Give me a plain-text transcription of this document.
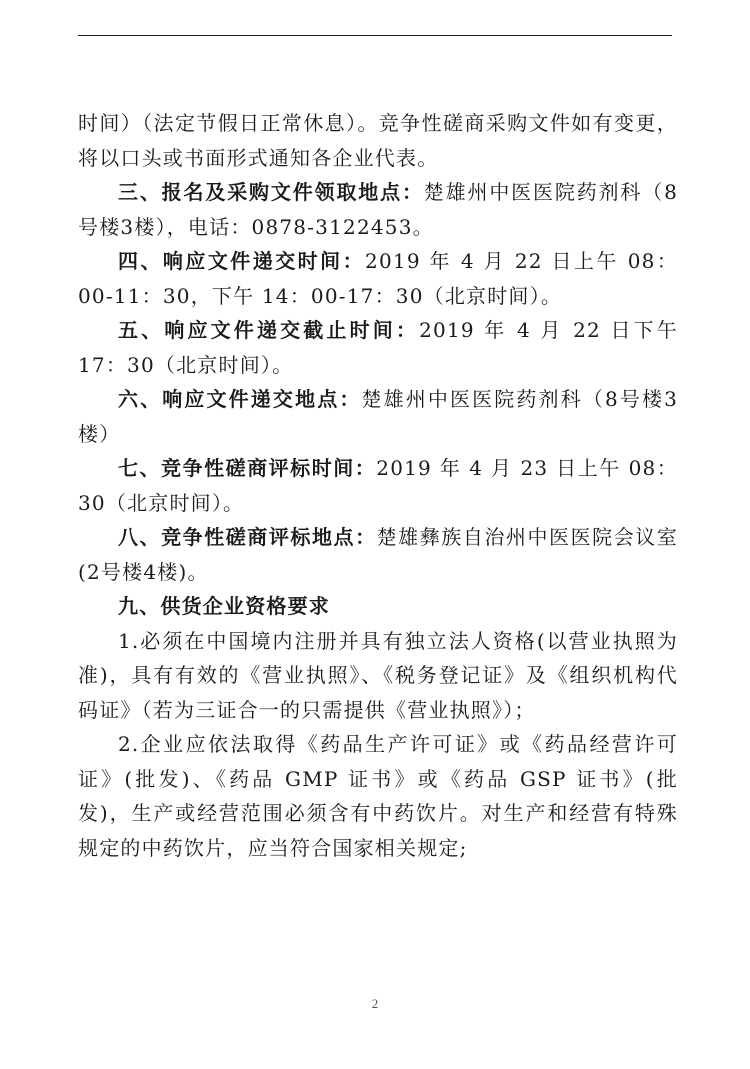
时间）（法定节假日正常休息）。竞争性磋商采购文件如有变更，将以口头或书面形式通知各企业代表。

三、报名及采购文件领取地点：楚雄州中医医院药剂科（8号楼3楼），电话：0878-3122453。

四、响应文件递交时间：2019 年 4 月 22 日上午 08：00-11：30，下午 14：00-17：30（北京时间）。

五、响应文件递交截止时间：2019 年 4 月 22 日下午 17：30（北京时间）。

六、响应文件递交地点：楚雄州中医医院药剂科（8号楼3楼）

七、竞争性磋商评标时间：2019 年 4 月 23 日上午 08：30（北京时间）。

八、竞争性磋商评标地点：楚雄彝族自治州中医医院会议室(2号楼4楼)。

九、供货企业资格要求

1.必须在中国境内注册并具有独立法人资格(以营业执照为准)，具有有效的《营业执照》、《税务登记证》及《组织机构代码证》（若为三证合一的只需提供《营业执照》）；

2.企业应依法取得《药品生产许可证》或《药品经营许可证》(批发)、《药品 GMP 证书》或《药品 GSP 证书》(批发)，生产或经营范围必须含有中药饮片。对生产和经营有特殊规定的中药饮片，应当符合国家相关规定;

2
